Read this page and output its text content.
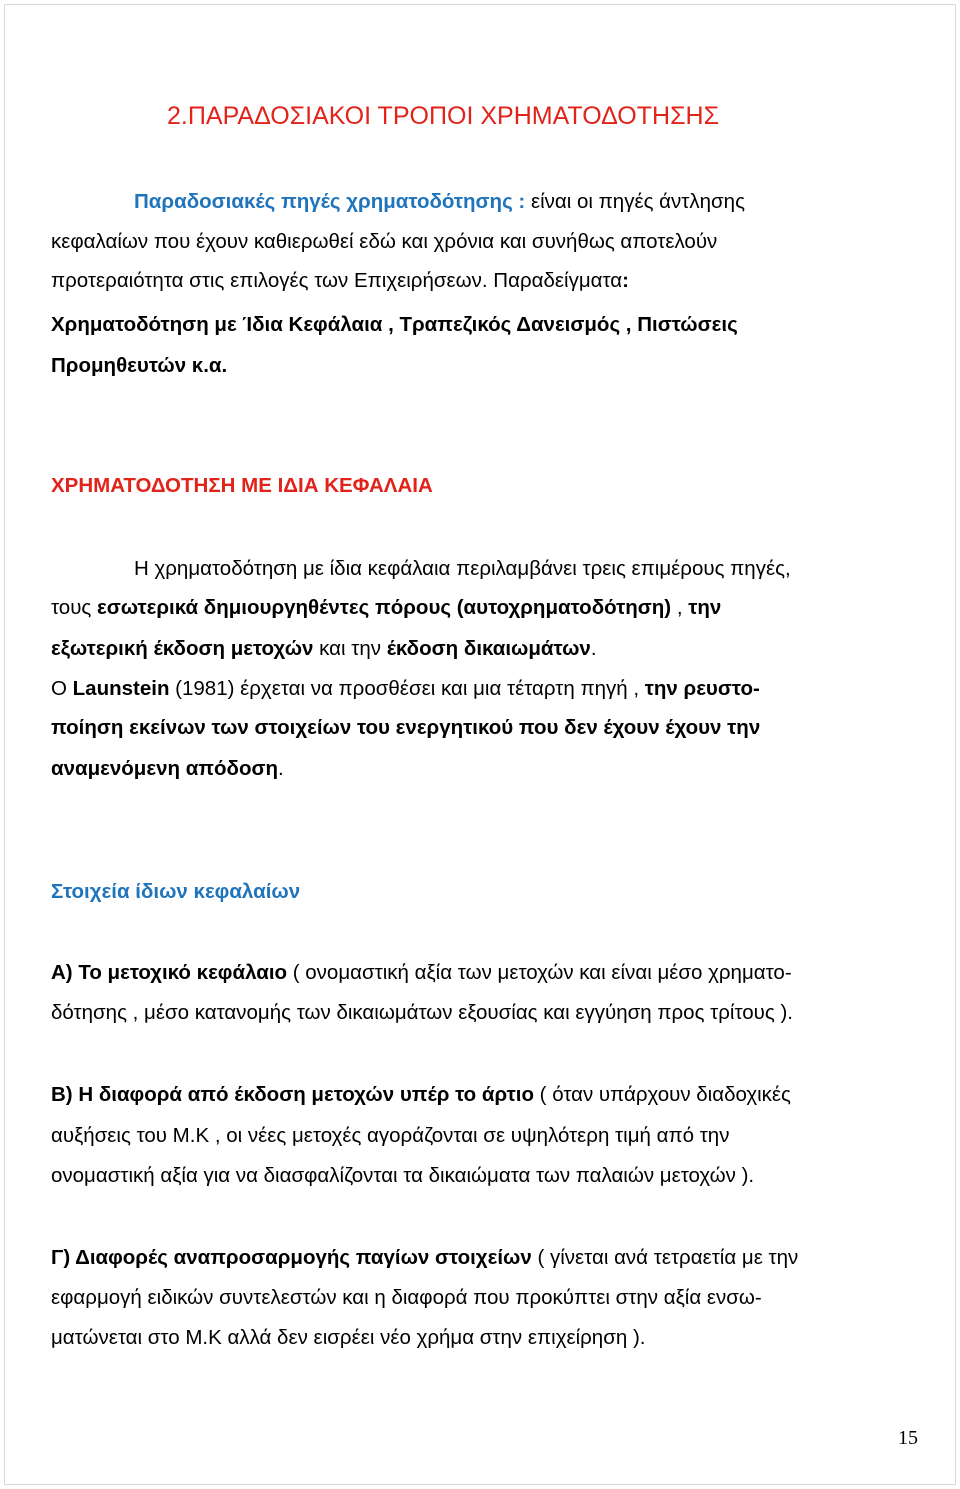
2.ΠΑΡΑΔΟΣΙΑΚΟΙ ΤΡΟΠΟΙ ΧΡΗΜΑΤΟΔΟΤΗΣΗΣ
Παραδοσιακές πηγές χρηματοδότησης : είναι οι πηγές άντλησης
κεφαλαίων που έχουν καθιερωθεί εδώ και χρόνια και συνήθως αποτελούν
προτεραιότητα στις επιλογές των Επιχειρήσεων. Παραδείγματα:
Χρηματοδότηση με Ίδια Κεφάλαια , Τραπεζικός Δανεισμός , Πιστώσεις
Προμηθευτών κ.α.
ΧΡΗΜΑΤΟΔΟΤΗΣΗ ΜΕ ΙΔΙΑ ΚΕΦΑΛΑΙΑ
Η χρηματοδότηση με ίδια κεφάλαια περιλαμβάνει τρεις επιμέρους πηγές,
τους εσωτερικά δημιουργηθέντες πόρους (αυτοχρηματοδότηση) , την
εξωτερική έκδοση μετοχών και την έκδοση δικαιωμάτων.
Ο Launstein (1981) έρχεται να προσθέσει και μια τέταρτη πηγή , την ρευστο-
ποίηση εκείνων των στοιχείων του ενεργητικού που δεν έχουν έχουν την
αναμενόμενη απόδοση.
Στοιχεία ίδιων κεφαλαίων
Α) Το μετοχικό κεφάλαιο ( ονομαστική αξία των μετοχών και είναι μέσο χρηματο-
δότησης , μέσο κατανομής των δικαιωμάτων εξουσίας και εγγύηση προς τρίτους ).
Β) Η διαφορά από έκδοση μετοχών υπέρ το άρτιο ( όταν υπάρχουν διαδοχικές
αυξήσεις του Μ.Κ , οι νέες μετοχές αγοράζονται σε υψηλότερη τιμή από την
ονομαστική αξία για να διασφαλίζονται τα δικαιώματα των παλαιών μετοχών ).
Γ) Διαφορές αναπροσαρμογής παγίων στοιχείων ( γίνεται ανά τετραετία με την
εφαρμογή ειδικών συντελεστών και η διαφορά που προκύπτει στην αξία ενσω-
ματώνεται στο Μ.Κ αλλά δεν εισρέει νέο χρήμα στην επιχείρηση ).
15
